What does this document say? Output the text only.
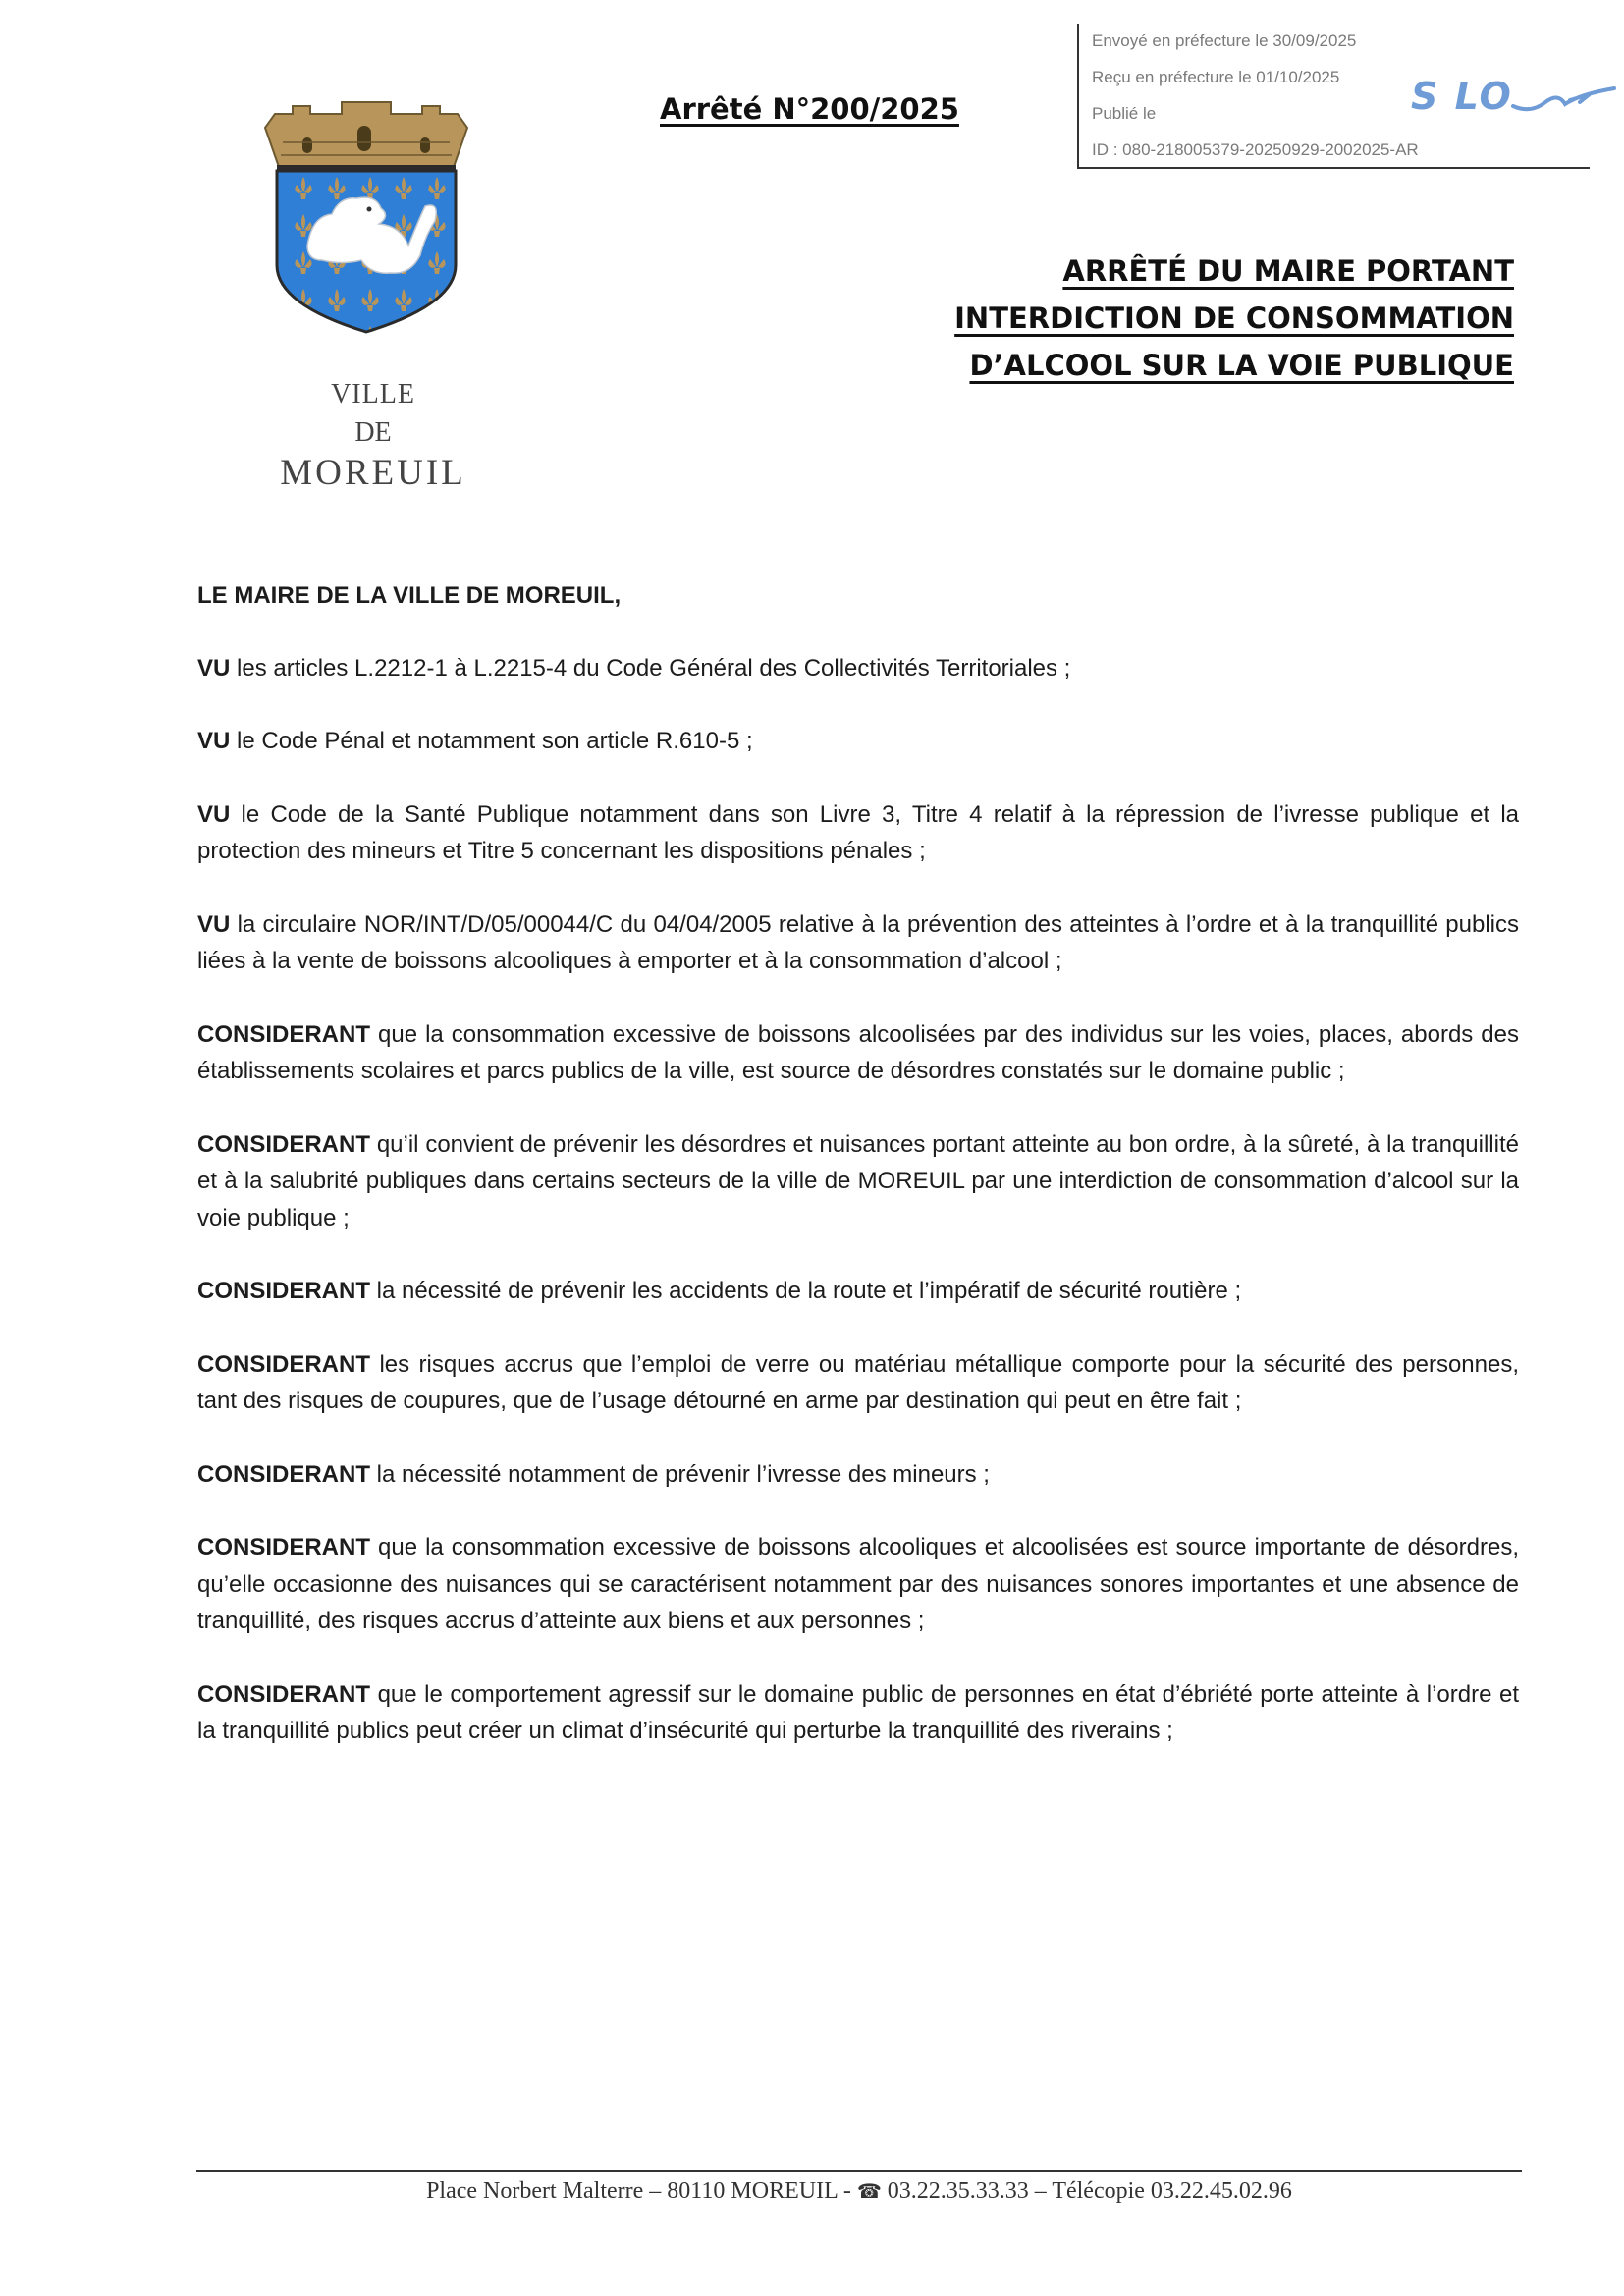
Envoyé en préfecture le 30/09/2025
Reçu en préfecture le 01/10/2025
Publié le
ID : 080-218005379-20250929-2002025-AR
S LO
Arrêté N°200/2025
VILLE
DE
MOREUIL
ARRÊTÉ DU MAIRE PORTANT
INTERDICTION DE CONSOMMATION
D’ALCOOL SUR LA VOIE PUBLIQUE

LE MAIRE DE LA VILLE DE MOREUIL,

VU les articles L.2212-1 à L.2215-4 du Code Général des Collectivités Territoriales ;

VU le Code Pénal et notamment son article R.610-5 ;

VU le Code de la Santé Publique notamment dans son Livre 3, Titre 4 relatif à la répression de l’ivresse publique et la protection des mineurs et Titre 5 concernant les dispositions pénales ;

VU la circulaire NOR/INT/D/05/00044/C du 04/04/2005 relative à la prévention des atteintes à l’ordre et à la tranquillité publics liées à la vente de boissons alcooliques à emporter et à la consommation d’alcool ;

CONSIDERANT que la consommation excessive de boissons alcoolisées par des individus sur les voies, places, abords des établissements scolaires et parcs publics de la ville, est source de désordres constatés sur le domaine public ;

CONSIDERANT qu’il convient de prévenir les désordres et nuisances portant atteinte au bon ordre, à la sûreté, à la tranquillité et à la salubrité publiques dans certains secteurs de la ville de MOREUIL par une interdiction de consommation d’alcool sur la voie publique ;

CONSIDERANT la nécessité de prévenir les accidents de la route et l’impératif de sécurité routière ;

CONSIDERANT les risques accrus que l’emploi de verre ou matériau métallique comporte pour la sécurité des personnes, tant des risques de coupures, que de l’usage détourné en arme par destination qui peut en être fait ;

CONSIDERANT la nécessité notamment de prévenir l’ivresse des mineurs ;

CONSIDERANT que la consommation excessive de boissons alcooliques et alcoolisées est source importante de désordres, qu’elle occasionne des nuisances qui se caractérisent notamment par des nuisances sonores importantes et une absence de tranquillité, des risques accrus d’atteinte aux biens et aux personnes ;

CONSIDERANT que le comportement agressif sur le domaine public de personnes en état d’ébriété porte atteinte à l’ordre et la tranquillité publics peut créer un climat d’insécurité qui perturbe la tranquillité des riverains ;

Place Norbert Malterre – 80110 MOREUIL - ☎ 03.22.35.33.33 – Télécopie 03.22.45.02.96
